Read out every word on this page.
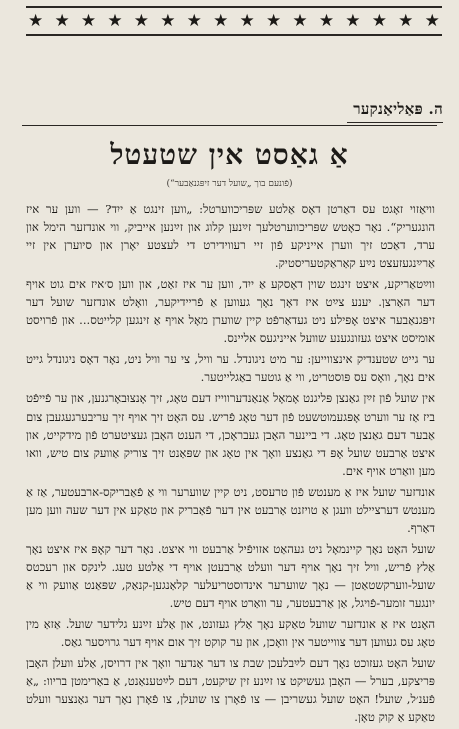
★ ★ ★ ★ ★ ★ ★ ★ ★ ★ ★ ★ ★ ★ ★ ★
ה. פּאַליאַנקער
אַ גאַסט אין שטעטל
(פֿונעם בוך „שועל דער זיפּגנאַבער“)

ווי‏אַזוי זאָגט עס דאַרטן דאָס אַלטע שפּריכווערטל: „ווען זינגט אַ ייִד? — ווען ער איז הונגעריק“. נאָר כאָטש שפּריכווערטלעך זײַנען קלוג און זײַנען אייביק, ווי אונדזער הימל און ערד, דאַכט זיך ווערן אייניקע פֿון זיי רעווידירט די לעצטע יאָרן און סיוערן אין זיי אַרײַנגעזעצט נײַע קאַראַקטעריסטיק.

ווײַטאַריקע, איצט זינגט שוין דאָסקע אַ ייִד, ווען ער איז זאַט, און ווען ס׳איז אים גוט אויף דער האַרצן. יענע צײַט איז דאָך נאָך געווען אַ פֿריידיקער, וואָלט אונדזער שועל דער זיפּגנאַבער איצט אָפּילע ניט געדאַרפֿט קיין שווערן מאָל אויף אַ זינגען קלייטס... און פֿרויסט אומיסט איצט געזונגענע שוועל אייניגעס אליינס.

ער גייט שטענדיק אינצווייען: ער מיט ניגונדל. ער וויל, צי ער וויל ניט, נאָר דאָס ניגונדל גייט אים נאָך, וואָס עס פּוסטריט, ווי אַ גוטער באַגלייטער.

אין שועל פֿון זײַן גאַנצן פּליגנט אָמאָל אַנאַנדערווייז דעם טאָג, זיך אָנצוּבאָרגנען, און ער פֿייפֿט ביז אַז ער ווערט אָפּגעמוטשעט פֿון דער טאָג פֿריש. עס האָט זיך אויף זיך עריבערגעגעבן צום אַבער דעם גאַנצן טאָג. די ביינער האָבן געבראָכן, די הענט האָבן געציטערט פֿון מידקייט, און איצט אַרבעט שועל אָפּ די גאַנצע וואָך אין טאָג און שפּאַנט זיך צוריק אַוועק צום טיש, וואו מען וואַרט אויף אים.

אונדזער שועל איז אַ מענטש פֿון טרעסט, ניט קיין שווערער ווי אַ פֿאַבריקס-ארבעטער, אַז אַ מענטש דערציילט וועגן אַ טויזנט אַרבעט אין דער פֿאַבריק און טאַקע אין דער שעה ווען מען דאַרף.

שועל האָט נאָך קיינמאָל ניט געהאַט אזויפֿיל אַרבעט ווי איצט. נאָר דער קאָפּ איז איצט נאָך אַלץ פֿריש, וויל זיך נאָך אויף דער וועלט אַרבעטן אויף די אַלטע טעג. לינקס און רעכטס שועל-ווערקשטאַטן — נאָך שווערער אינדוסטריעלער קלאַנגען-קנאַק, שפּאַנט אַוועק ווי אַ יונגער זומער-פֿויגל, אַן אַרבעטער, ער וואַרט אויף דעם טיש.

האָנט איז אַ אונדזער שוועל טאַקע נאָך אַלץ געזונט, און אַלע זײַנע גלידער שועל. אַזאַ מין טאָג עס געווען דער צווייטער אין וואָכן, און ער קוקט זיך אום אויף דער גרויסער גאַס.

שועל האָט געזוכט נאָך דעם לײַבלעכן שבת צו דער אַנדער וואָך אין דרויסן, אַלע וועלן האָבן פּריצקע, בערל — האָבן געשיקט צו זײַנע זין שיקעט, דעם לײַטענאַנט, אַ באַרימטן בריוו: „אַ פֿענ׳ל, שועל! האָט שועל געשריבן — צו פֿאָרן צו שועלן, צו פֿאָרן נאָך דער גאַנצער וועלט טאַקע אַ קוק טאָן.
